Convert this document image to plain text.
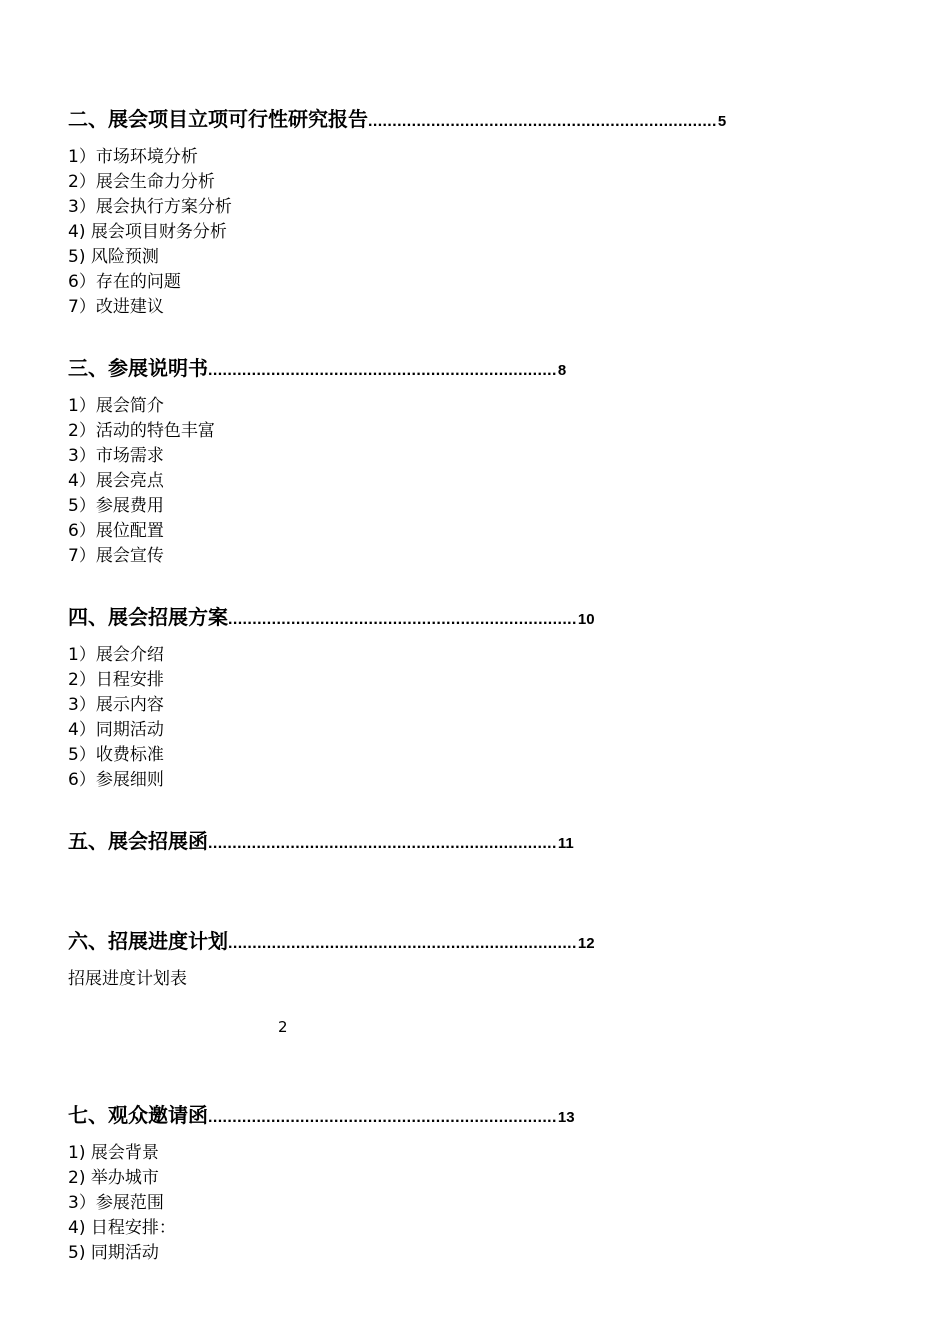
二、展会项目立项可行性研究报告........................................................................5
1）市场环境分析
2）展会生命力分析
3）展会执行方案分析
4) 展会项目财务分析
5) 风险预测
6）存在的问题
7）改进建议
三、参展说明书........................................................................8
1）展会简介
2）活动的特色丰富
3）市场需求
4）展会亮点
5）参展费用
6）展位配置
7）展会宣传
四、展会招展方案........................................................................10
1）展会介绍
2）日程安排
3）展示内容
4）同期活动
5）收费标准
6）参展细则
五、展会招展函........................................................................11
六、招展进度计划........................................................................12
招展进度计划表
2
七、观众邀请函........................................................................13
1) 展会背景
2) 举办城市
3）参展范围
4) 日程安排：
5) 同期活动
